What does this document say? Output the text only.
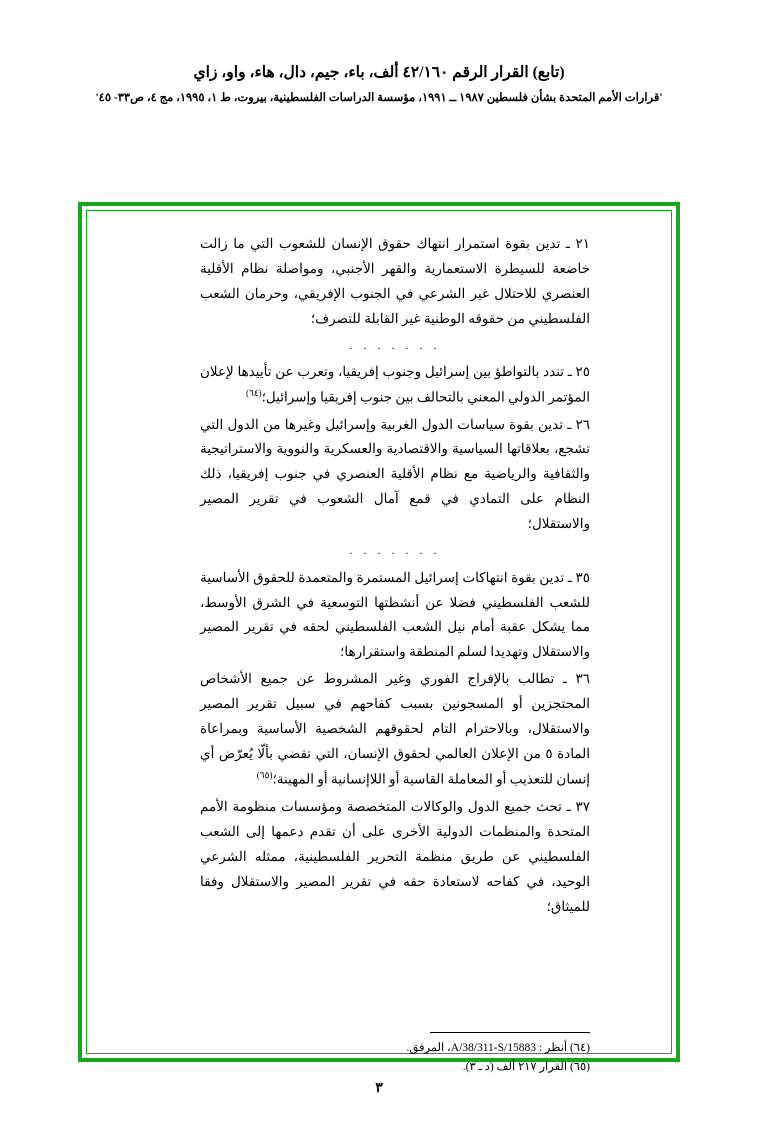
(تابع) القرار الرقم ٤٢/١٦٠ ألف، باء، جيم، دال، هاء، واو، زاي
'قرارات الأمم المتحدة بشأن فلسطين ١٩٨٧ ــ ١٩٩١، مؤسسة الدراسات الفلسطينية، بيروت، ط ١، ١٩٩٥، مج ٤، ص٣٣- ٤٥'

٢١ ـ تدين بقوة استمرار انتهاك حقوق الإنسان للشعوب التي ما زالت خاضعة للسيطرة الاستعمارية والقهر الأجنبي، ومواصلة نظام الأقلية العنصري للاحتلال غير الشرعي في الجنوب الإفريقي، وحرمان الشعب الفلسطيني من حقوقه الوطنية غير القابلة للتصرف؛

. . . . . . .

٢٥ ـ تندد بالتواطؤ بين إسرائيل وجنوب إفريقيا، وتعرب عن تأييدها لإعلان المؤتمر الدولي المعني بالتحالف بين جنوب إفريقيا وإسرائيل؛$^{(٦٤)}$

٢٦ ـ تدين بقوة سياسات الدول الغربية وإسرائيل وغيرها من الدول التي تشجع، بعلاقاتها السياسية والاقتصادية والعسكرية والنووية والاستراتيجية والثقافية والرياضية مع نظام الأقلية العنصري في جنوب إفريقيا، ذلك النظام على التمادي في قمع آمال الشعوب في تقرير المصير والاستقلال؛

. . . . . . .

٣٥ ـ تدين بقوة انتهاكات إسرائيل المستمرة والمتعمدة للحقوق الأساسية للشعب الفلسطيني فضلا عن أنشطتها التوسعية في الشرق الأوسط، مما يشكل عقبة أمام نيل الشعب الفلسطيني لحقه في تقرير المصير والاستقلال وتهديدا لسلم المنطقة واستقرارها؛

٣٦ ـ تطالب بالإفراج الفوري وغير المشروط عن جميع الأشخاص المحتجزين أو المسجونين بسبب كفاحهم في سبيل تقرير المصير والاستقلال، وبالاحترام التام لحقوقهم الشخصية الأساسية وبمراعاة المادة ٥ من الإعلان العالمي لحقوق الإنسان، التي تقضي بألّا يُعرّض أي إنسان للتعذيب أو المعاملة القاسية أو اللاإنسانية أو المهينة؛$^{(٦٥)}$

٣٧ ـ تحث جميع الدول والوكالات المتخصصة ومؤسسات منظومة الأمم المتحدة والمنظمات الدولية الأخرى على أن تقدم دعمها إلى الشعب الفلسطيني عن طريق منظمة التحرير الفلسطينية، ممثله الشرعي الوحيد، في كفاحه لاستعادة حقه في تقرير المصير والاستقلال وفقا للميثاق؛

(٦٤) أنظر : A/38/311-S/15883، المرفق.

(٦٥) القرار ٢١٧ ألف (د ـ ٣).

٣
